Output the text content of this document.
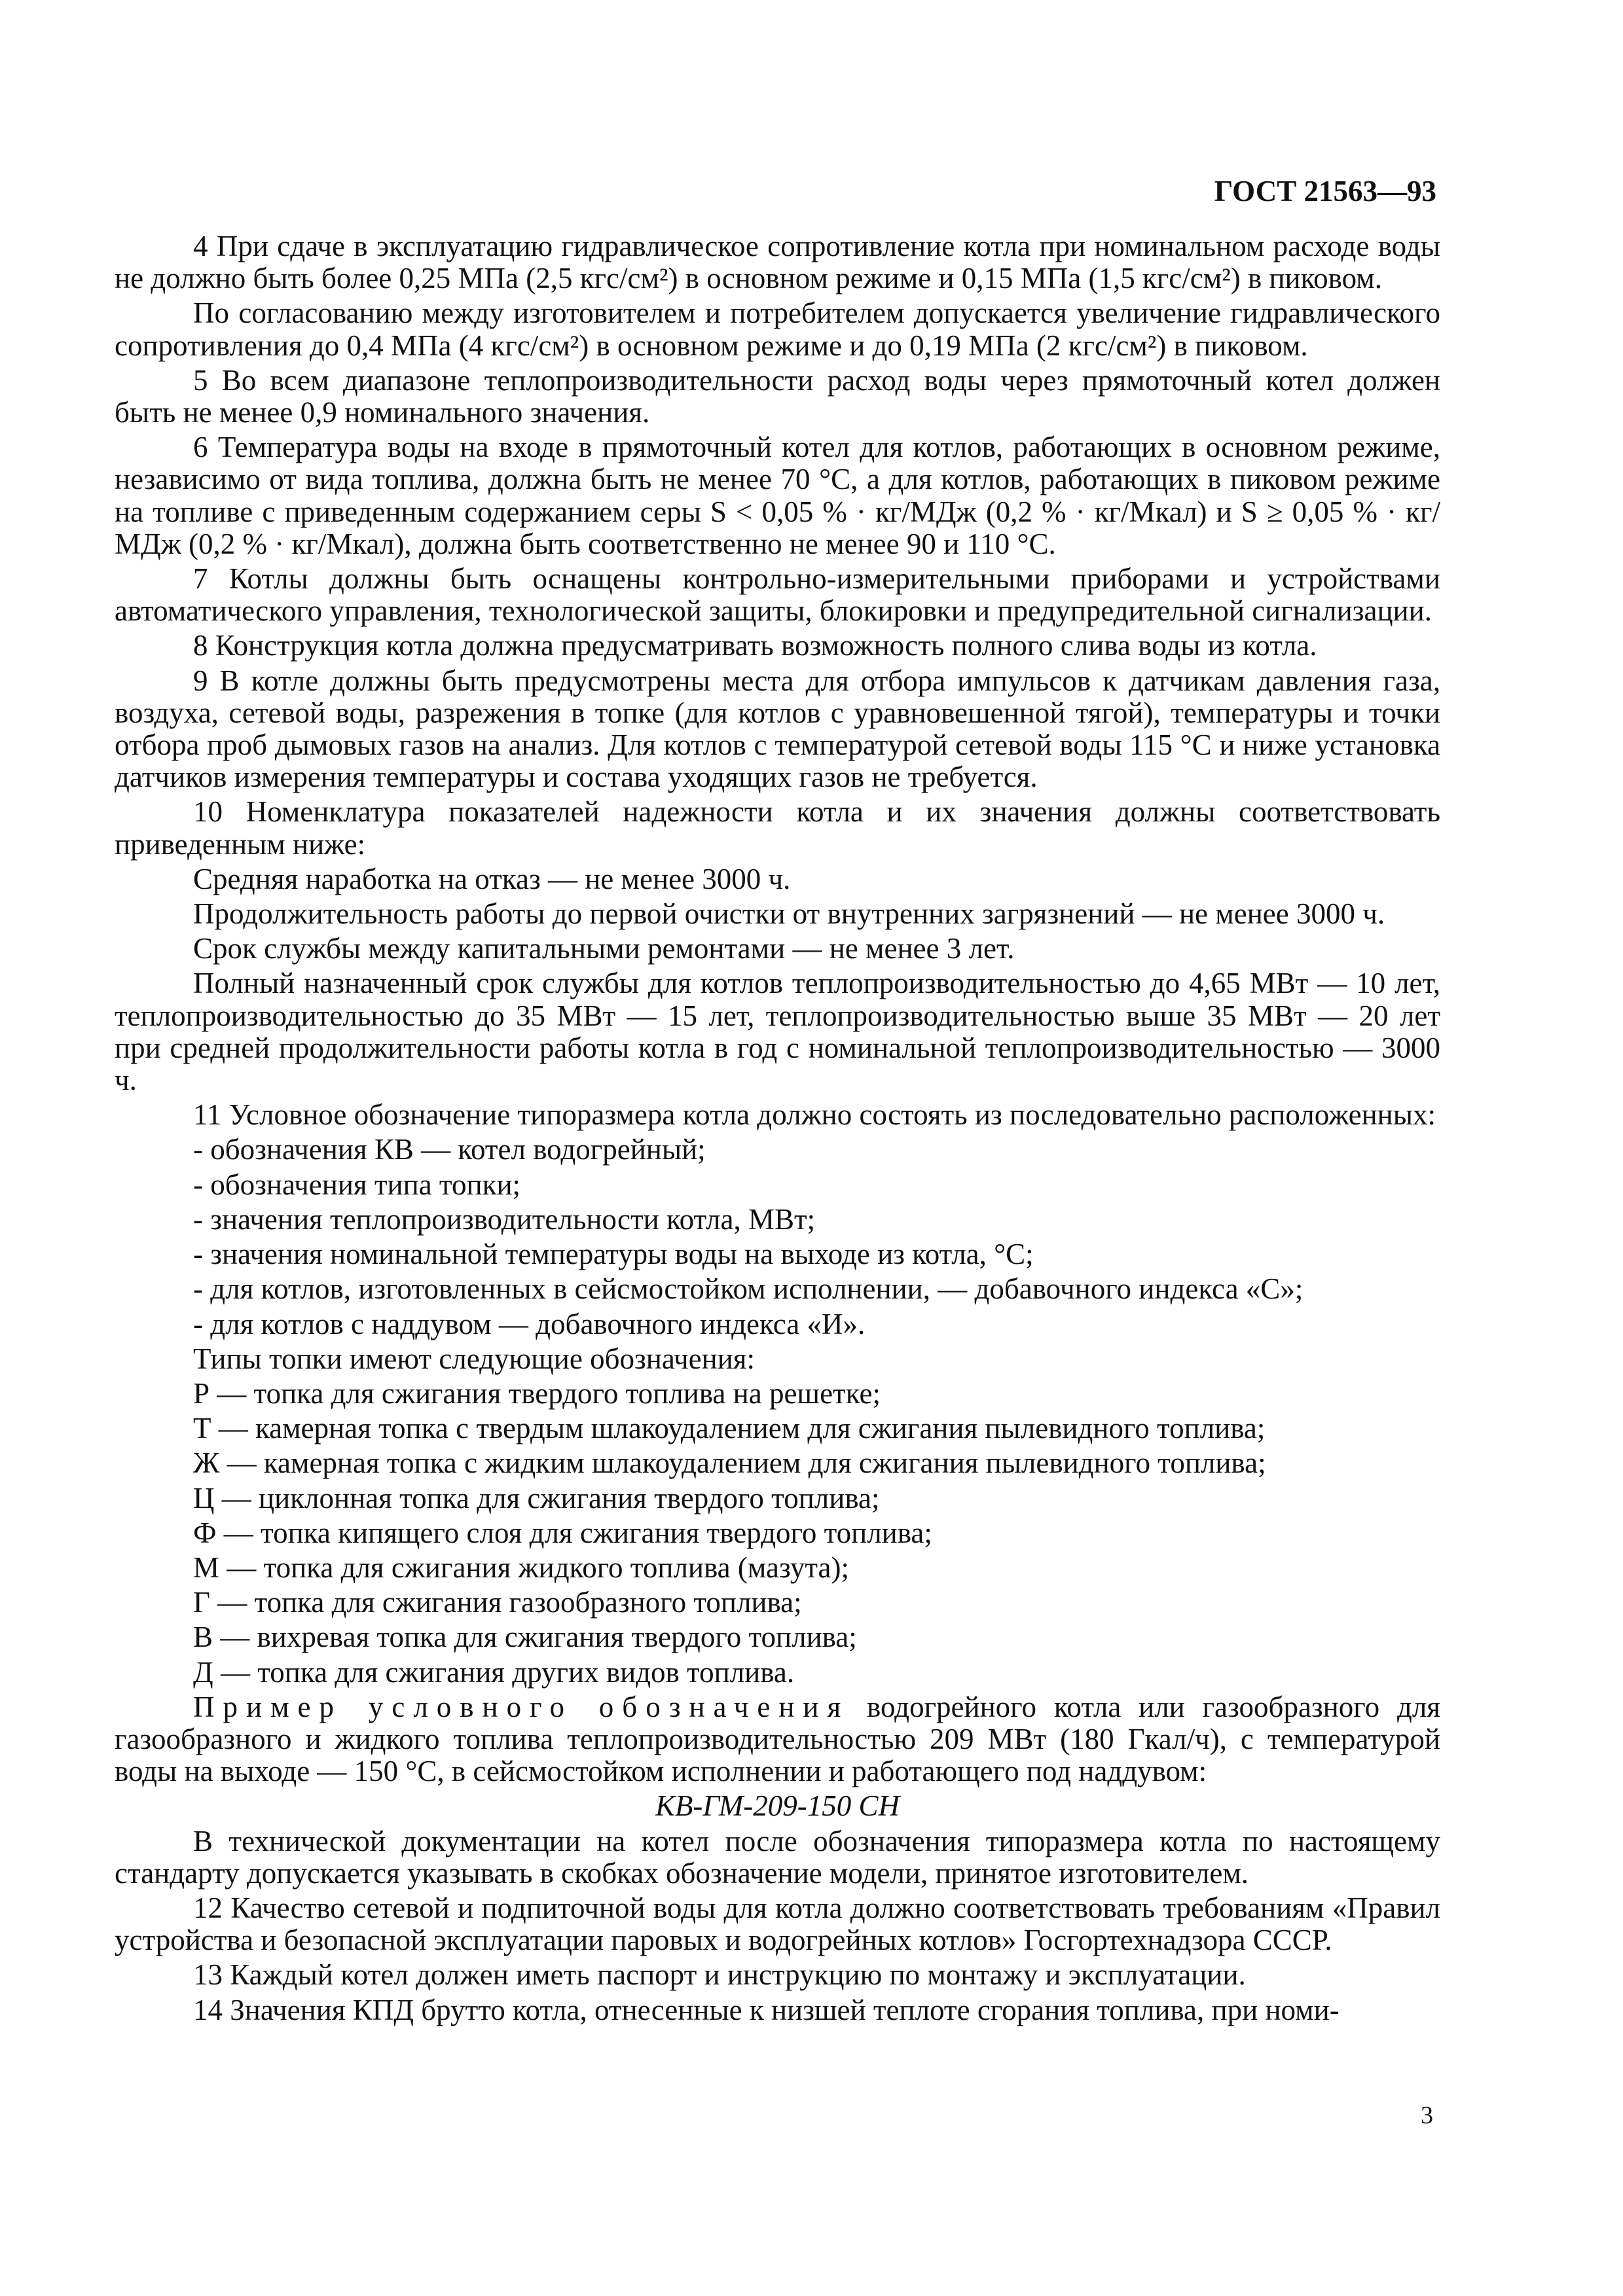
ГОСТ 21563—93

4 При сдаче в эксплуатацию гидравлическое сопротивление котла при номинальном расходе воды не должно быть более 0,25 МПа (2,5 кгс/см²) в основном режиме и 0,15 МПа (1,5 кгс/см²) в пиковом.

По согласованию между изготовителем и потребителем допускается увеличение гидравлического сопротивления до 0,4 МПа (4 кгс/см²) в основном режиме и до 0,19 МПа (2 кгс/см²) в пиковом.

5 Во всем диапазоне теплопроизводительности расход воды через прямоточный котел должен быть не менее 0,9 номинального значения.

6 Температура воды на входе в прямоточный котел для котлов, работающих в основном режиме, независимо от вида топлива, должна быть не менее 70 °С, а для котлов, работающих в пиковом режиме на топливе с приведенным содержанием серы S < 0,05 % · кг/МДж (0,2 % · кг/Мкал) и S ≥ 0,05 % · кг/МДж (0,2 % · кг/Мкал), должна быть соответственно не менее 90 и 110 °С.

7 Котлы должны быть оснащены контрольно-измерительными приборами и устройствами автоматического управления, технологической защиты, блокировки и предупредительной сигнализации.

8 Конструкция котла должна предусматривать возможность полного слива воды из котла.

9 В котле должны быть предусмотрены места для отбора импульсов к датчикам давления газа, воздуха, сетевой воды, разрежения в топке (для котлов с уравновешенной тягой), температуры и точки отбора проб дымовых газов на анализ. Для котлов с температурой сетевой воды 115 °С и ниже установка датчиков измерения температуры и состава уходящих газов не требуется.

10 Номенклатура показателей надежности котла и их значения должны соответствовать приведенным ниже:

Средняя наработка на отказ — не менее 3000 ч.

Продолжительность работы до первой очистки от внутренних загрязнений — не менее 3000 ч.

Срок службы между капитальными ремонтами — не менее 3 лет.

Полный назначенный срок службы для котлов теплопроизводительностью до 4,65 МВт — 10 лет, теплопроизводительностью до 35 МВт — 15 лет, теплопроизводительностью выше 35 МВт — 20 лет при средней продолжительности работы котла в год с номинальной теплопроизводительностью — 3000 ч.

11 Условное обозначение типоразмера котла должно состоять из последовательно расположенных:

- обозначения КВ — котел водогрейный;

- обозначения типа топки;

- значения теплопроизводительности котла, МВт;

- значения номинальной температуры воды на выходе из котла, °С;

- для котлов, изготовленных в сейсмостойком исполнении, — добавочного индекса «С»;

- для котлов с наддувом — добавочного индекса «И».

Типы топки имеют следующие обозначения:

Р — топка для сжигания твердого топлива на решетке;

Т — камерная топка с твердым шлакоудалением для сжигания пылевидного топлива;

Ж — камерная топка с жидким шлакоудалением для сжигания пылевидного топлива;

Ц — циклонная топка для сжигания твердого топлива;

Ф — топка кипящего слоя для сжигания твердого топлива;

М — топка для сжигания жидкого топлива (мазута);

Г — топка для сжигания газообразного топлива;

В — вихревая топка для сжигания твердого топлива;

Д — топка для сжигания других видов топлива.

Пример условного обозначения водогрейного котла или газообразного для газообразного и жидкого топлива теплопроизводительностью 209 МВт (180 Гкал/ч), с температурой воды на выходе — 150 °С, в сейсмостойком исполнении и работающего под наддувом:

КВ-ГМ-209-150 СН

В технической документации на котел после обозначения типоразмера котла по настоящему стандарту допускается указывать в скобках обозначение модели, принятое изготовителем.

12 Качество сетевой и подпиточной воды для котла должно соответствовать требованиям «Правил устройства и безопасной эксплуатации паровых и водогрейных котлов» Госгортехнадзора СССР.

13 Каждый котел должен иметь паспорт и инструкцию по монтажу и эксплуатации.

14 Значения КПД брутто котла, отнесенные к низшей теплоте сгорания топлива, при номи-

3
